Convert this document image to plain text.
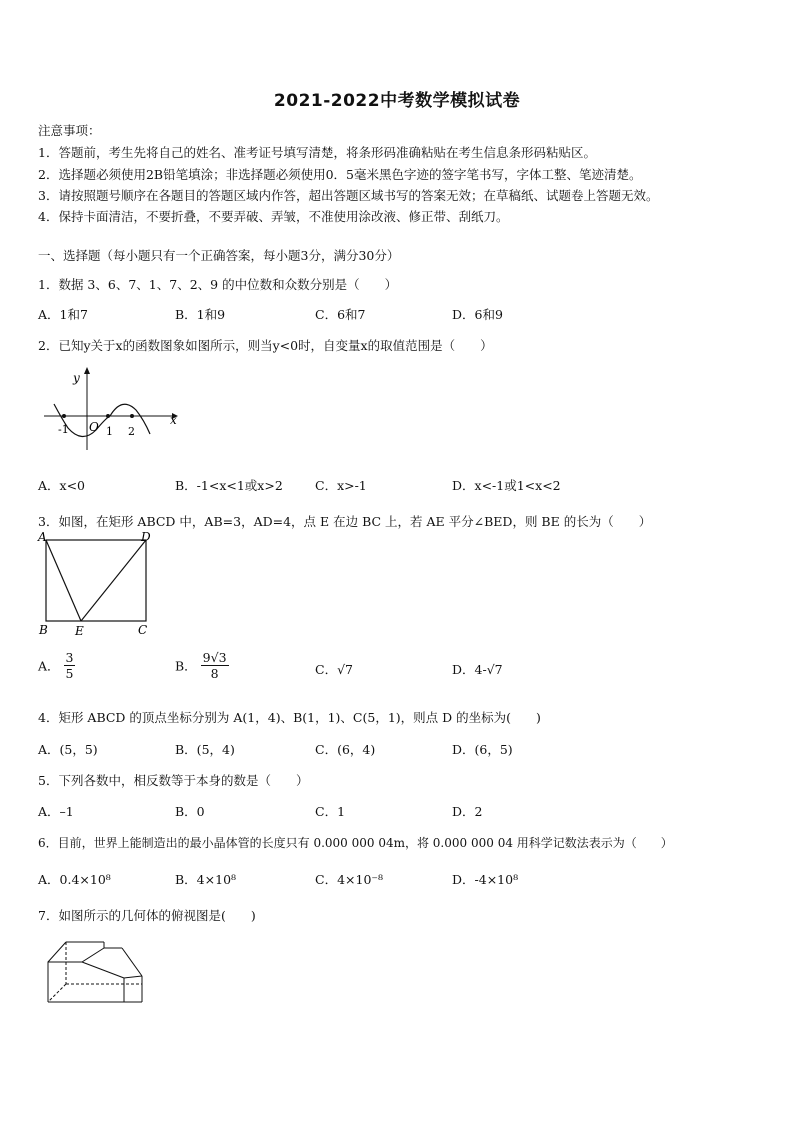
2021-2022中考数学模拟试卷
注意事项：
1．答题前，考生先将自己的姓名、准考证号填写清楚，将条形码准确粘贴在考生信息条形码粘贴区。
2．选择题必须使用2B铅笔填涂；非选择题必须使用0．5毫米黑色字迹的签字笔书写，字体工整、笔迹清楚。
3．请按照题号顺序在各题目的答题区域内作答，超出答题区域书写的答案无效；在草稿纸、试题卷上答题无效。
4．保持卡面清洁，不要折叠，不要弄破、弄皱，不准使用涂改液、修正带、刮纸刀。
一、选择题（每小题只有一个正确答案，每小题3分，满分30分）
1．数据 3、6、7、1、7、2、9 的中位数和众数分别是（　　）
A．1和7	B．1和9	C．6和7	D．6和9
2．已知y关于x的函数图象如图所示，则当y<0时，自变量x的取值范围是（　　）
y
x
-1 O 1 2
A．x<0	B．-1<x<1或x>2	C．x>-1	D．x<-1或1<x<2
3．如图，在矩形 ABCD 中，AB=3，AD=4，点 E 在边 BC 上，若 AE 平分∠BED，则 BE 的长为（　　）
A	D
B E	C
A． $\frac{3}{5}$	B． $\frac{9√3}{8}$	C．√7	D．4-√7
4．矩形 ABCD 的顶点坐标分别为 A(1，4)、B(1，1)、C(5，1)，则点 D 的坐标为(　　)
A．(5，5)	B．(5，4)	C．(6，4)	D．(6，5)
5．下列各数中，相反数等于本身的数是（　　）
A．–1	B．0	C．1	D．2
6．目前，世界上能制造出的最小晶体管的长度只有 0.000 000 04m，将 0.000 000 04 用科学记数法表示为（　　）
A．0.4×10⁸	B．4×10⁸	C．4×10⁻⁸	D．-4×10⁸
7．如图所示的几何体的俯视图是(　　)
